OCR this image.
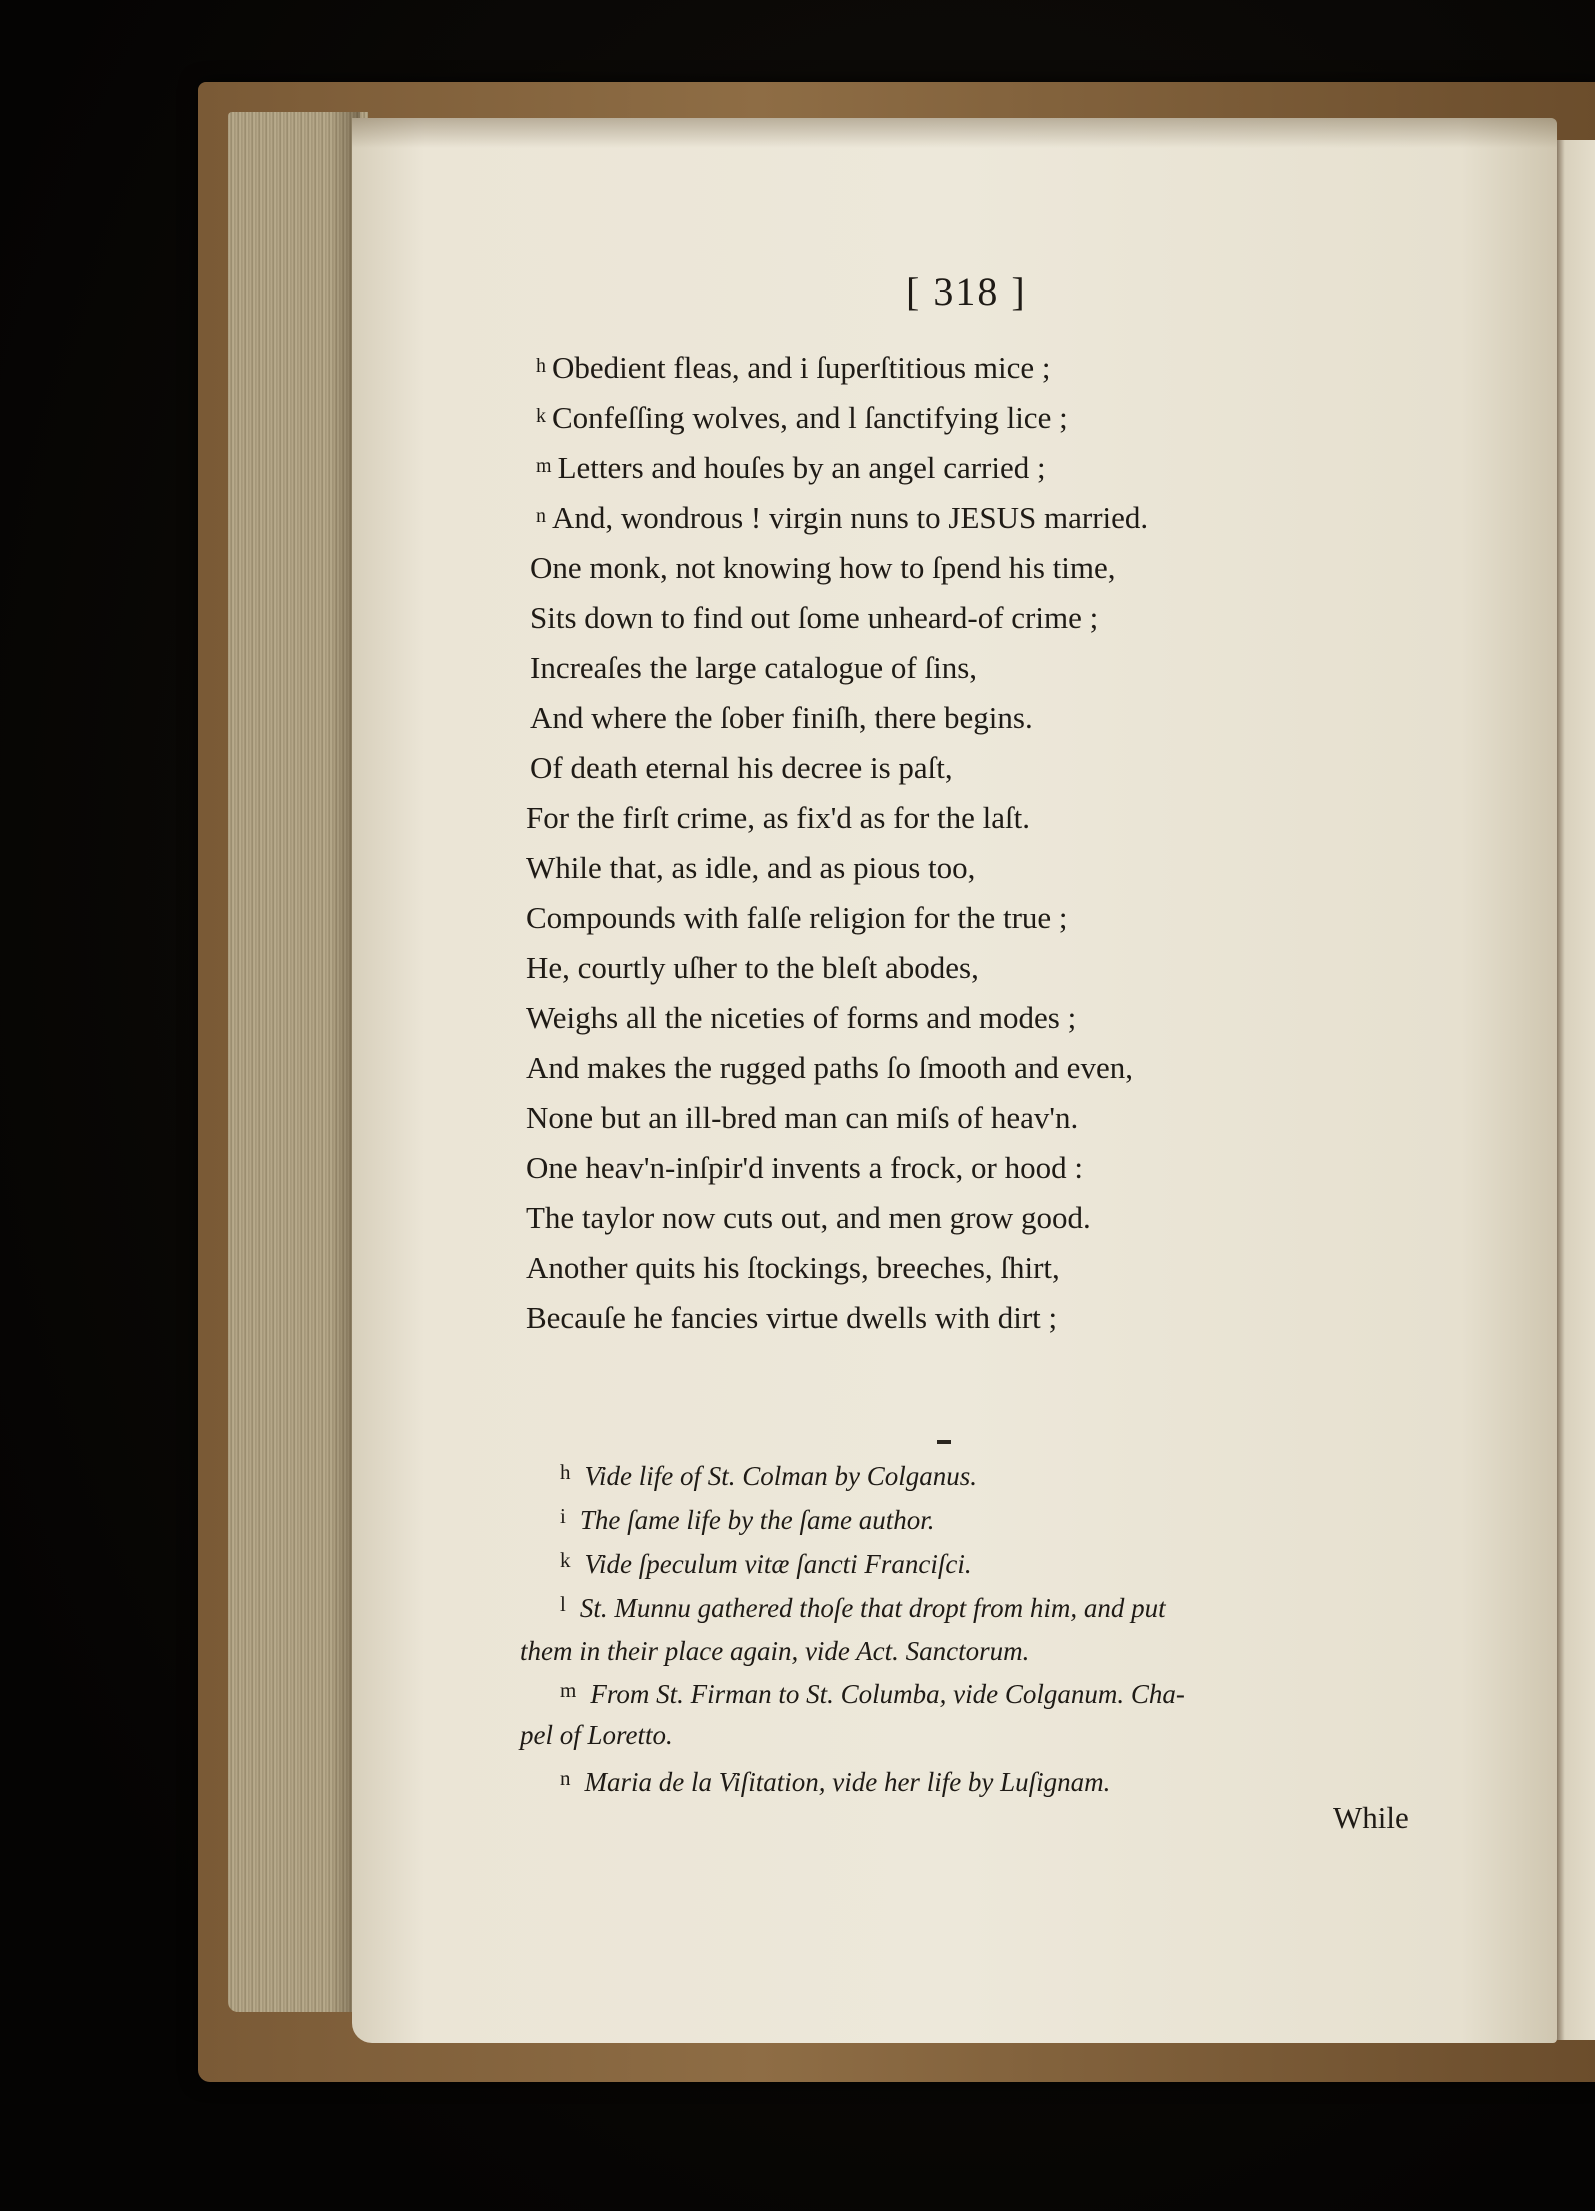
[ 318 ]
h Obedient fleas, and i ſuperſtitious mice ;
k Confeſſing wolves, and l ſanctifying lice ;
m Letters and houſes by an angel carried ;
n And, wondrous ! virgin nuns to JESUS married.
One monk, not knowing how to ſpend his time,
Sits down to find out ſome unheard-of crime ;
Increaſes the large catalogue of ſins,
And where the ſober finiſh, there begins.
Of death eternal his decree is paſt,
For the firſt crime, as fix'd as for the laſt.
While that, as idle, and as pious too,
Compounds with falſe religion for the true ;
He, courtly uſher to the bleſt abodes,
Weighs all the niceties of forms and modes ;
And makes the rugged paths ſo ſmooth and even,
None but an ill-bred man can miſs of heav'n.
One heav'n-inſpir'd invents a frock, or hood :
The taylor now cuts out, and men grow good.
Another quits his ſtockings, breeches, ſhirt,
Becauſe he fancies virtue dwells with dirt ;
$^h$ Vide life of St. Colman by Colganus.
$^i$ The ſame life by the ſame author.
$^k$ Vide ſpeculum vitæ ſancti Franciſci.
$^l$ St. Munnu gathered thoſe that dropt from him, and put
them in their place again, vide Act. Sanctorum.
$^m$ From St. Firman to St. Columba, vide Colganum. Cha-
pel of Loretto.
$^n$ Maria de la Viſitation, vide her life by Luſignam.
While
